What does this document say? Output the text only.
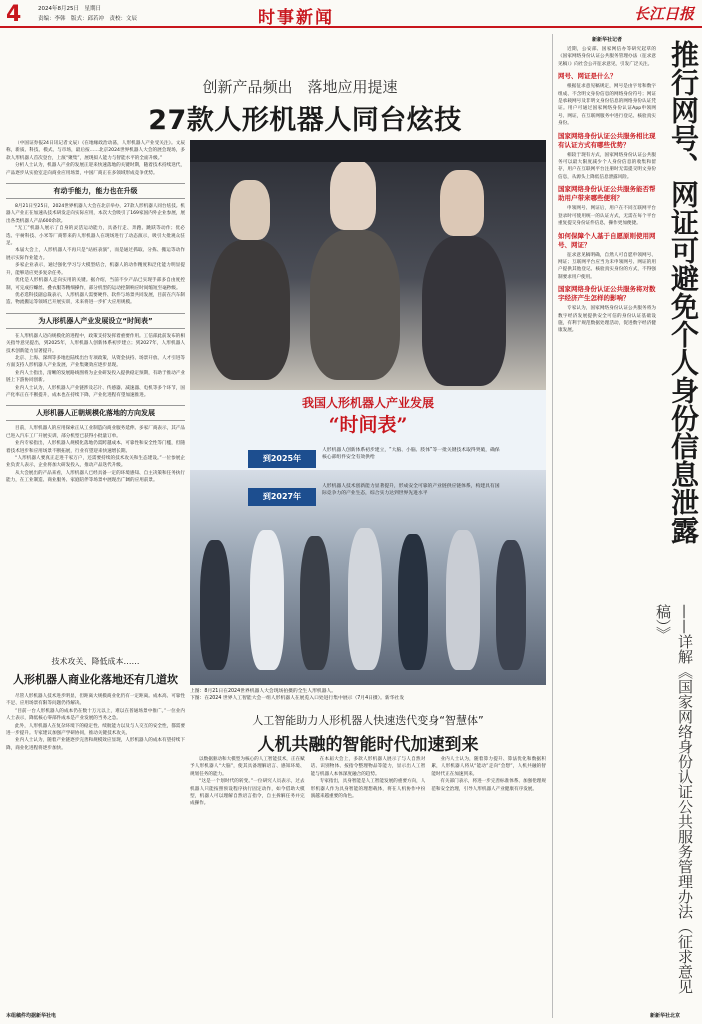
4	2024年8月25日　星期日
责编：李韩　版式：邱若冲　责校：文辰	时事新闻	长江日报
创新产品频出　落地应用提速
27款人形机器人同台炫技

（中国证券报24日讯记者文辰）《在地缘政治动荡，人形机器人产业受关注》。文辰称，新质、科技、模式、与市场，最后按……北京2024世界机器人大会的展会现场，多款人形机器人首次登台，上演“聚集”，展现拟人能力与智能水平的全面升级。”

分析人士认为，机器人产业的发展正迎来快速落地的关键时期，随着技术持续迭代，产品逐步从实验室走向商业应用场景，中国厂商正在多领域形成竞争优势。

有动手能力，能力也在升级

8月21日至25日，2024世界机器人大会在北京举办，27款人形机器人同台炫技。机器人产业正在加速从技术研发走向实际应用，本次大会吸引了169家国内外企业参展，展出各类机器人产品600余款。

“无工”机器人展示了自身的灵活运动能力，具备行走、奔跑、跳跃等动作；优必选、宇树科技、小米等厂商带来的人形机器人在现场进行了动态演示，吸引大批观众驻足。

本届大会上，人形机器人不再只是“站桩表演”，而是通过抓取、分拣、搬运等动作展示实际作业能力。

多家企业表示，通过强化学习与大模型结合，机器人的动作精度和泛化能力明显提升，能够适应更多复杂任务。

优化是人形机器人走向实用的关键。据介绍，当前不少产品已实现手部多自由度控制，可完成拧螺丝、叠衣服等精细操作，部分机型的运动控制响应时间缩短至毫秒级。

优必选科技副总裁表示，人形机器人需要硬件、软件与场景共同发展，目前在汽车制造、物流搬运等领域已开展实训，未来将进一步扩大应用规模。

为人形机器人产业发展设立“时间表”

在人形机器人迈向规模化的进程中，政策支持发挥着重要作用。工信部此前发布的相关指导意见提出，到2025年，人形机器人创新体系初步建立；到2027年，人形机器人技术创新能力显著提升。

北京、上海、深圳等多地也陆续出台专项政策，从资金扶持、场景开放、人才引进等方面支持人形机器人产业发展，产业集聚效应逐步显现。

业内人士指出，清晰的发展路线图将为企业研发投入提供稳定预期，有助于推动产业链上下游协同创新。

业内人士认为，人形机器人产业链涉及芯片、传感器、减速器、电机等多个环节，国产化率正在不断提升，成本也在持续下降，产业化进程有望加速推进。

人形机器人正朝规模化落地的方向发展

目前，人形机器人的应用探索正从工业制造向商业服务延伸。多家厂商表示，其产品已进入汽车工厂开展实训，部分机型已获得小批量订单。

业内专家指出，人形机器人规模化落地仍需跨越成本、可靠性和安全性等门槛，但随着技术进步和应用场景不断拓展，行业有望迎来快速增长期。

“人形机器人要真正走进千家万户，还需要持续的技术攻关和生态建设。”一位参展企业负责人表示，企业将加大研发投入，推动产品迭代升级。

从大会展出的产品来看，人形机器人已经具备一定的环境感知、自主决策和任务执行能力，在工业制造、商业服务、家庭陪伴等场景中展现出广阔的应用前景。

我国人形机器人产业发展
“时间表”
到2025年
人形机器人创新体系初步建立，“大脑、小脑、肢体”等一批关键技术取得突破，确保核心部组件安全有效供给
到2027年
人形机器人技术创新能力显著提升，形成安全可靠的产业链供应链体系，构建具有国际竞争力的产业生态，综合实力达到世界先进水平
上图：8月21日在2024世界机器人大会现场拍摄的全生人形机器人。
下图：在2024 世界人工智能大会一组人形机器人在展览入口处进行集中展示（7月4日摄）。新华社发
技术攻关、降低成本……
人形机器人商业化落地还有几道坎

尽管人形机器人技术进步明显，但距离大规模商业化仍有一定距离。成本高、可靠性不足、应用场景有限等问题仍待解决。

“目前一台人形机器人的成本仍在数十万元以上，难以在普通场景中推广。”一位业内人士表示，降低核心零部件成本是产业发展的当务之急。

此外，人形机器人在复杂环境下的稳定性、续航能力以及与人交互的安全性，都需要进一步提升。专家建议加强产学研协同，推动关键技术攻关。

业内人士认为，随着产业链逐步完善和规模效应显现，人形机器人的成本有望持续下降，商业化进程将逐步加快。

本组稿件均据新华社电
人工智能助力人形机器人快速迭代变身“智慧体”
人机共融的智能时代加速到来

以数据驱动和大模型为核心的人工智能技术，正在赋予人形机器人“大脑”，使其具备理解语言、感知环境、规划任务的能力。

“这是一个划时代的转变。”一位研究人员表示，过去机器人只能按照预设程序执行固定动作，如今借助大模型，机器人可以理解自然语言指令，自主拆解任务并完成操作。

在本届大会上，多款人形机器人展示了与人自然对话、识别物体、按指令整理物品等能力，显示出人工智能与机器人本体深度融合的趋势。

专家指出，具身智能是人工智能发展的重要方向，人形机器人作为具身智能的理想载体，将在人机协作中扮演越来越重要的角色。

业内人士认为，随着算力提升、算法优化和数据积累，人形机器人将从“能动”走向“会想”，人机共融的智能时代正在加速到来。

有关部门表示，将进一步完善标准体系、加强伦理规范和安全治理，引导人形机器人产业健康有序发展。

新新华社记者

近期，公安部、国家网信办等研究起草的《国家网络身份认证公共服务管理办法（征求意见稿）》向社会公开征求意见，引发广泛关注。

网号、网证是什么？

根据征求意见稿规定，网号是由字母和数字组成、不含明文身份信息的网络身份符号；网证是承载网号及非明文身份信息的网络身份认证凭证。用户可通过国家网络身份认证App申领网号、网证，在互联网服务中进行登记、核验真实身份。

国家网络身份认证公共服务相比现有认证方式有哪些优势？

相较于现有方式，国家网络身份认证公共服务可以最大限度减少个人身份信息的收集和留存，用户在互联网平台注册时无需提交明文身份信息，从源头上降低信息泄露风险。

国家网络身份认证公共服务能否帮助用户带来哪些便利？

申领网号、网证后，用户在不同互联网平台登录时可使用统一的认证方式，无需在每个平台重复提交身份证件信息，操作更加便捷。

如何保障个人基于自愿原则使用网号、网证？

征求意见稿明确，自然人可自愿申领网号、网证；互联网平台应当为未申领网号、网证的用户提供其他登记、核验真实身份的方式，不得强制要求用户使用。

国家网络身份认证公共服务将对数字经济产生怎样的影响？

专家认为，国家网络身份认证公共服务将为数字经济发展提供安全可信的身份认证基础设施，有利于规范数据处理活动，促进数字经济健康发展。

新新华社北京
推行网号、网证可避免个人身份信息泄露
——详解《国家网络身份认证公共服务管理办法（征求意见稿）》
